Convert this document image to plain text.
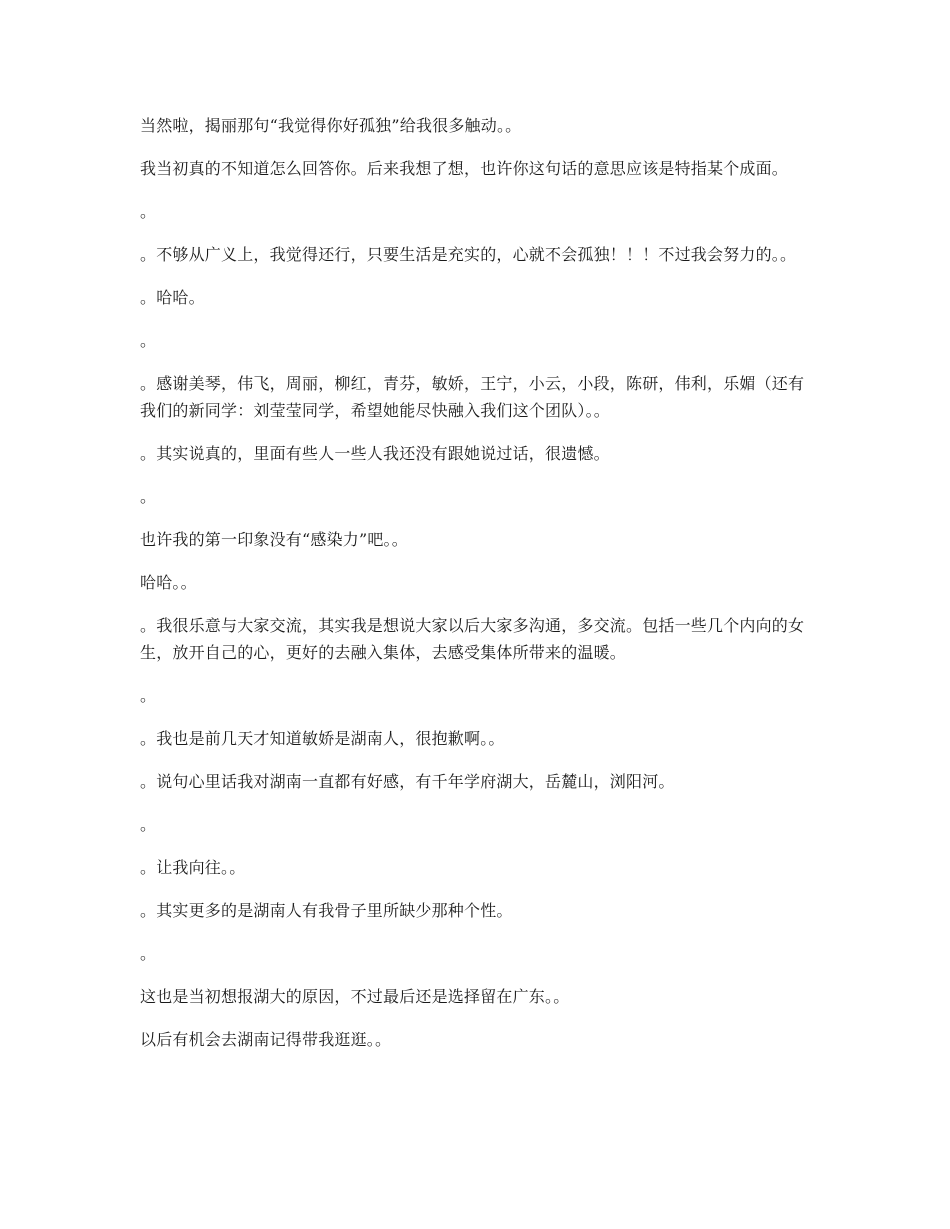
当然啦，揭丽那句“我觉得你好孤独”给我很多触动。。

我当初真的不知道怎么回答你。后来我想了想，也许你这句话的意思应该是特指某个成面。

。

。不够从广义上，我觉得还行，只要生活是充实的，心就不会孤独！！！不过我会努力的。。

。哈哈。

。

。感谢美琴，伟飞，周丽，柳红，青芬，敏娇，王宁，小云，小段，陈研，伟利，乐媚（还有我们的新同学：刘莹莹同学，希望她能尽快融入我们这个团队）。。

。其实说真的，里面有些人一些人我还没有跟她说过话，很遗憾。

。

也许我的第一印象没有“感染力”吧。。

哈哈。。

。我很乐意与大家交流，其实我是想说大家以后大家多沟通，多交流。包括一些几个内向的女生，放开自己的心，更好的去融入集体，去感受集体所带来的温暖。

。

。我也是前几天才知道敏娇是湖南人，很抱歉啊。。

。说句心里话我对湖南一直都有好感，有千年学府湖大，岳麓山，浏阳河。

。

。让我向往。。

。其实更多的是湖南人有我骨子里所缺少那种个性。

。

这也是当初想报湖大的原因，不过最后还是选择留在广东。。

以后有机会去湖南记得带我逛逛。。
